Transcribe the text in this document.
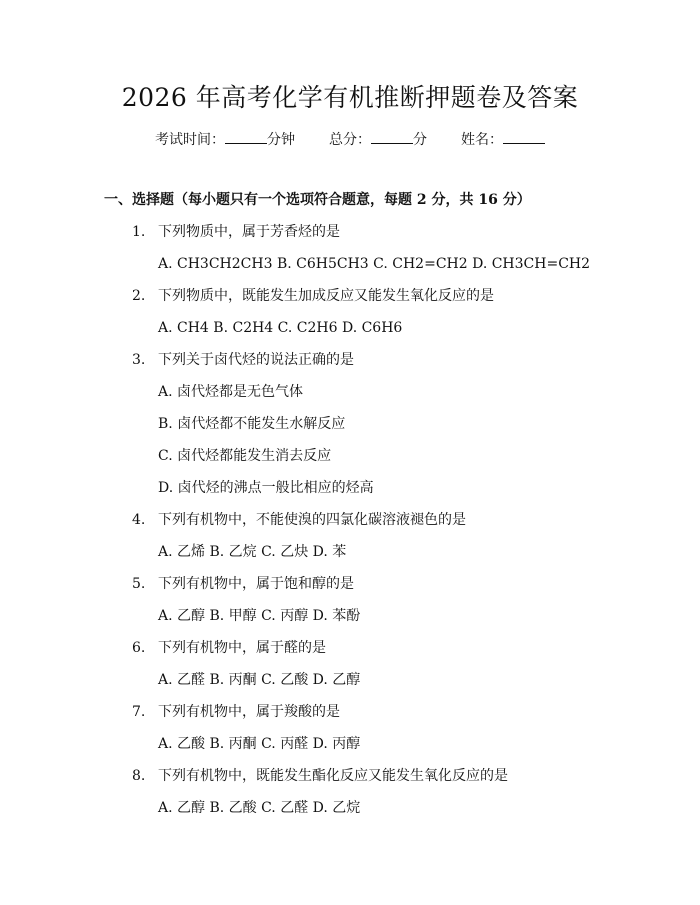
2026 年高考化学有机推断押题卷及答案
考试时间：	分钟 总分：	分 姓名：
一、选择题（每小题只有一个选项符合题意，每题 2 分，共 16 分）
1. 下列物质中，属于芳香烃的是
A. CH3CH2CH3 B. C6H5CH3 C. CH2=CH2 D. CH3CH=CH2
2. 下列物质中，既能发生加成反应又能发生氧化反应的是
A. CH4 B. C2H4 C. C2H6 D. C6H6
3. 下列关于卤代烃的说法正确的是
A. 卤代烃都是无色气体
B. 卤代烃都不能发生水解反应
C. 卤代烃都能发生消去反应
D. 卤代烃的沸点一般比相应的烃高
4. 下列有机物中，不能使溴的四氯化碳溶液褪色的是
A. 乙烯 B. 乙烷 C. 乙炔 D. 苯
5. 下列有机物中，属于饱和醇的是
A. 乙醇 B. 甲醇 C. 丙醇 D. 苯酚
6. 下列有机物中，属于醛的是
A. 乙醛 B. 丙酮 C. 乙酸 D. 乙醇
7. 下列有机物中，属于羧酸的是
A. 乙酸 B. 丙酮 C. 丙醛 D. 丙醇
8. 下列有机物中，既能发生酯化反应又能发生氧化反应的是
A. 乙醇 B. 乙酸 C. 乙醛 D. 乙烷
